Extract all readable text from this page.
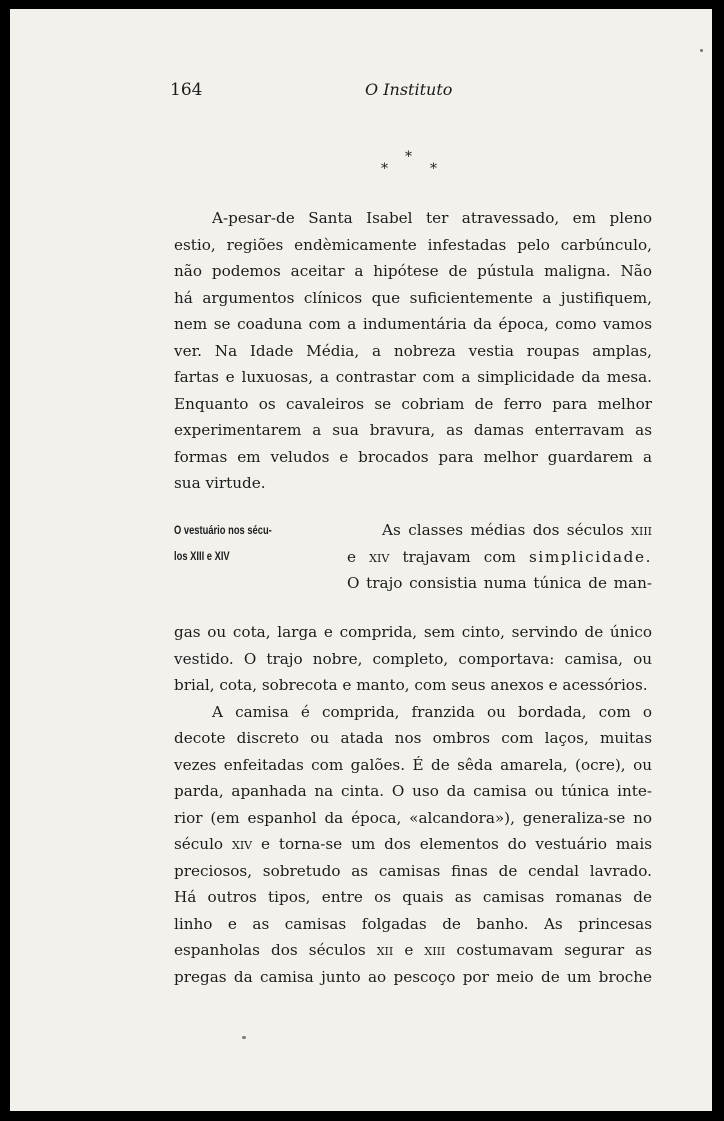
164	O Instituto
*
*	*
A-pesar-de Santa Isabel ter atravessado, em pleno
estio, regiões endèmicamente infestadas pelo carbúnculo,
não podemos aceitar a hipótese de pústula maligna. Não
há argumentos clínicos que suficientemente a justifiquem,
nem se coaduna com a indumentária da época, como vamos
ver. Na Idade Média, a nobreza vestia roupas amplas,
fartas e luxuosas, a contrastar com a simplicidade da mesa.
Enquanto os cavaleiros se cobriam de ferro para melhor
experimentarem a sua bravura, as damas enterravam as
formas em veludos e brocados para melhor guardarem a
sua virtude.
O vestuário nos sécu-
los XIII e XIV
As classes médias dos séculos xiii
e xiv trajavam com simplicidade.
O trajo consistia numa túnica de man-
gas ou cota, larga e comprida, sem cinto, servindo de único
vestido. O trajo nobre, completo, comportava: camisa, ou
brial, cota, sobrecota e manto, com seus anexos e acessórios.
A camisa é comprida, franzida ou bordada, com o
decote discreto ou atada nos ombros com laços, muitas
vezes enfeitadas com galões. É de sêda amarela, (ocre), ou
parda, apanhada na cinta. O uso da camisa ou túnica inte-
rior (em espanhol da época, «alcandora»), generaliza-se no
século xiv e torna-se um dos elementos do vestuário mais
preciosos, sobretudo as camisas finas de cendal lavrado.
Há outros tipos, entre os quais as camisas romanas de
linho e as camisas folgadas de banho. As princesas
espanholas dos séculos xii e xiii costumavam segurar as
pregas da camisa junto ao pescoço por meio de um broche
